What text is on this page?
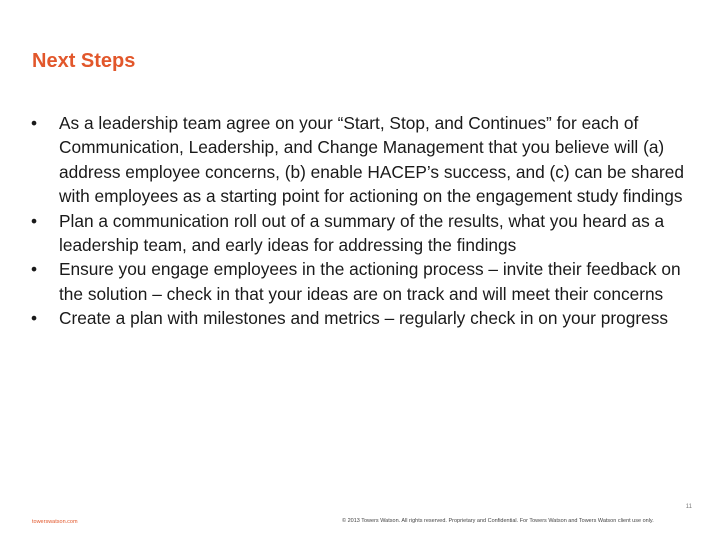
Next Steps
• As a leadership team agree on your “Start, Stop, and Continues” for each of Communication, Leadership, and Change Management that you believe will (a) address employee concerns, (b) enable HACEP’s success, and (c) can be shared with employees as a starting point for actioning on the engagement study findings
• Plan a communication roll out of a summary of the results, what you heard as a leadership team, and early ideas for addressing the findings
• Ensure you engage employees in the actioning process – invite their feedback on the solution – check in that your ideas are on track and will meet their concerns
• Create a plan with milestones and metrics – regularly check in on your progress
11
towerswatson.com	© 2013 Towers Watson. All rights reserved. Proprietary and Confidential. For Towers Watson and Towers Watson client use only.
